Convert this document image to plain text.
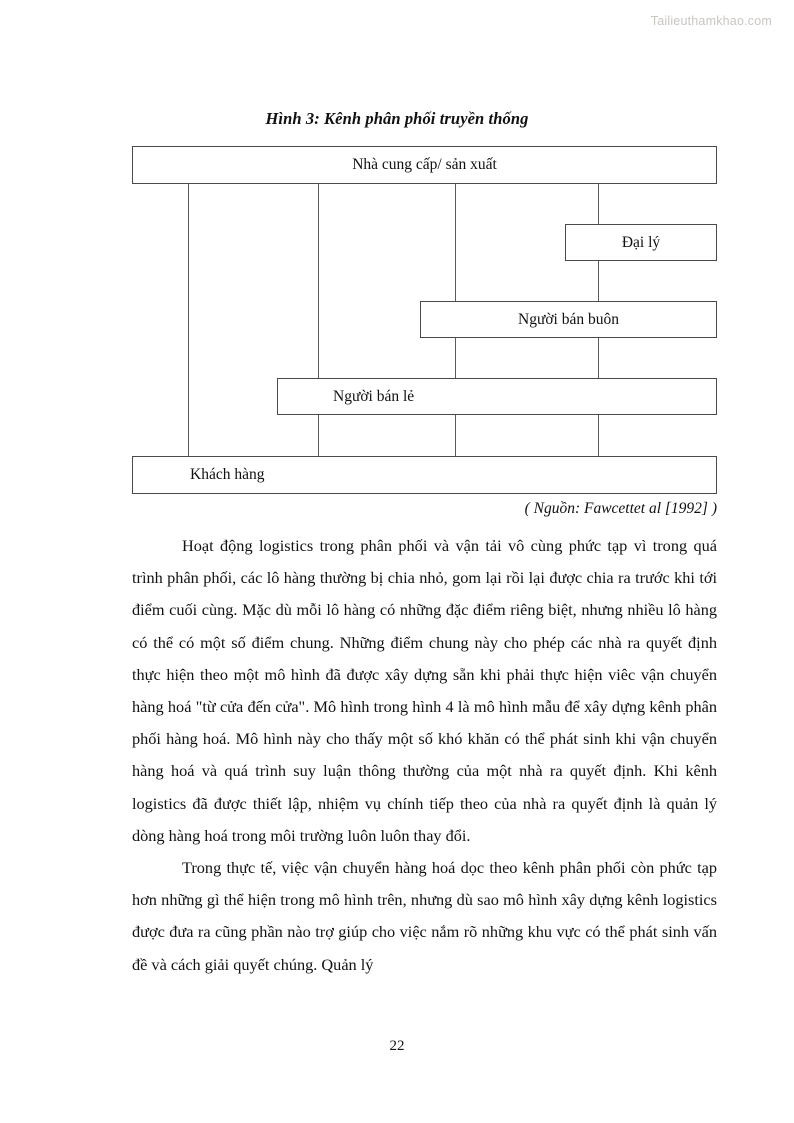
Tailieuthamkhao.com
Hình 3: Kênh phân phối truyền thống
Nhà cung cấp/ sản xuất
Đại lý
Người bán buôn
Người bán lẻ
Khách hàng
( Nguồn: Fawcettet al [1992] )

Hoạt động logistics trong phân phối và vận tải vô cùng phức tạp vì trong quá trình phân phối, các lô hàng thường bị chia nhỏ, gom lại rồi lại được chia ra trước khi tới điểm cuối cùng. Mặc dù mỗi lô hàng có những đặc điểm riêng biệt, nhưng nhiều lô hàng có thể có một số điểm chung. Những điểm chung này cho phép các nhà ra quyết định thực hiện theo một mô hình đã được xây dựng sẵn khi phải thực hiện viêc vận chuyển hàng hoá "từ cửa đến cửa". Mô hình trong hình 4 là mô hình mẫu để xây dựng kênh phân phối hàng hoá. Mô hình này cho thấy một số khó khăn có thể phát sinh khi vận chuyển hàng hoá và quá trình suy luận thông thường của một nhà ra quyết định. Khi kênh logistics đã được thiết lập, nhiệm vụ chính tiếp theo của nhà ra quyết định là quản lý dòng hàng hoá trong môi trường luôn luôn thay đổi.

Trong thực tế, việc vận chuyển hàng hoá dọc theo kênh phân phối còn phức tạp hơn những gì thể hiện trong mô hình trên, nhưng dù sao mô hình xây dựng kênh logistics được đưa ra cũng phần nào trợ giúp cho việc nắm rõ những khu vực có thể phát sinh vấn đề và cách giải quyết chúng. Quản lý

22
